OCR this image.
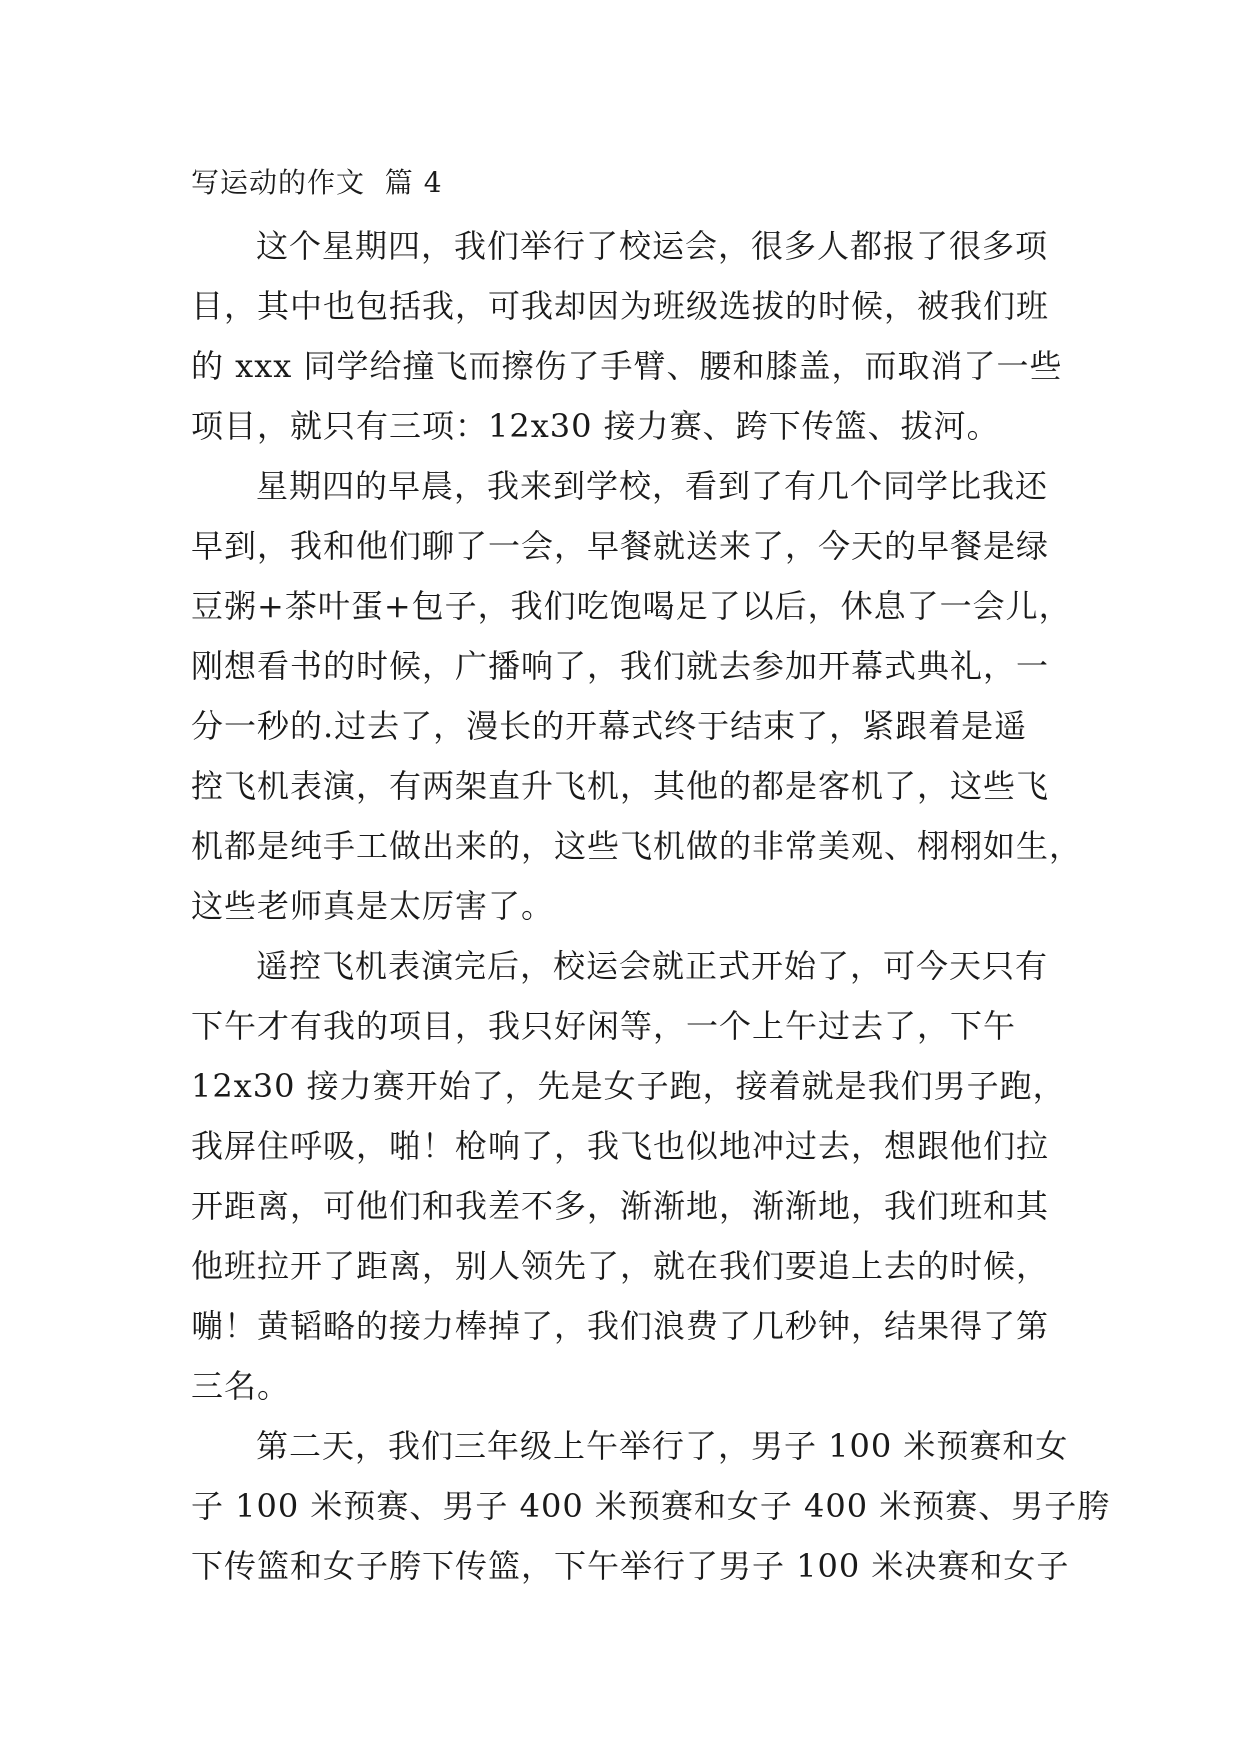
写运动的作文  篇 4
这个星期四，我们举行了校运会，很多人都报了很多项
目，其中也包括我，可我却因为班级选拔的时候，被我们班
的 xxx 同学给撞飞而擦伤了手臂、腰和膝盖，而取消了一些
项目，就只有三项：12x30 接力赛、跨下传篮、拔河。
星期四的早晨，我来到学校，看到了有几个同学比我还
早到，我和他们聊了一会，早餐就送来了，今天的早餐是绿
豆粥+茶叶蛋+包子，我们吃饱喝足了以后，休息了一会儿，
刚想看书的时候，广播响了，我们就去参加开幕式典礼，一
分一秒的.过去了，漫长的开幕式终于结束了，紧跟着是遥
控飞机表演，有两架直升飞机，其他的都是客机了，这些飞
机都是纯手工做出来的，这些飞机做的非常美观、栩栩如生，
这些老师真是太厉害了。
遥控飞机表演完后，校运会就正式开始了，可今天只有
下午才有我的项目，我只好闲等，一个上午过去了，下午
12x30 接力赛开始了，先是女子跑，接着就是我们男子跑，
我屏住呼吸，啪！枪响了，我飞也似地冲过去，想跟他们拉
开距离，可他们和我差不多，渐渐地，渐渐地，我们班和其
他班拉开了距离，别人领先了，就在我们要追上去的时候，
嘣！黄韬略的接力棒掉了，我们浪费了几秒钟，结果得了第
三名。
第二天，我们三年级上午举行了，男子 100 米预赛和女
子 100 米预赛、男子 400 米预赛和女子 400 米预赛、男子胯
下传篮和女子胯下传篮，下午举行了男子 100 米决赛和女子
